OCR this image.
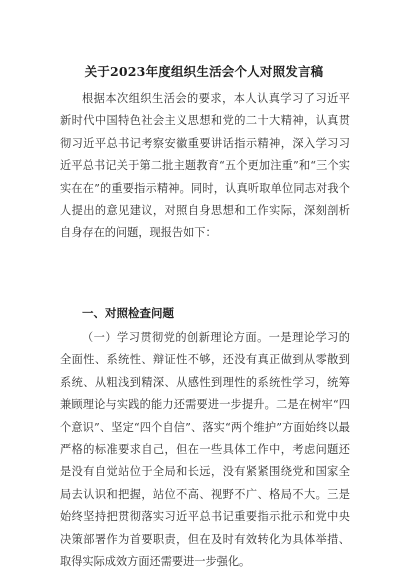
关于2023年度组织生活会个人对照发言稿
根据本次组织生活会的要求，本人认真学习了习近平新时代中国特色社会主义思想和党的二十大精神，认真贯彻习近平总书记考察安徽重要讲话指示精神，深入学习习近平总书记关于第二批主题教育“五个更加注重”和“三个实实在在”的重要指示精神。同时，认真听取单位同志对我个人提出的意见建议，对照自身思想和工作实际，深刻剖析自身存在的问题，现报告如下：
一、对照检查问题
（一）学习贯彻党的创新理论方面。一是理论学习的全面性、系统性、辩证性不够，还没有真正做到从零散到系统、从粗浅到精深、从感性到理性的系统性学习，统筹兼顾理论与实践的能力还需要进一步提升。二是在树牢“四个意识”、坚定“四个自信”、落实“两个维护”方面始终以最严格的标准要求自己，但在一些具体工作中，考虑问题还是没有自觉站位于全局和长远，没有紧紧围绕党和国家全局去认识和把握，站位不高、视野不广、格局不大。三是始终坚持把贯彻落实习近平总书记重要指示批示和党中央决策部署作为首要职责，但在及时有效转化为具体举措、取得实际成效方面还需要进一步强化。
